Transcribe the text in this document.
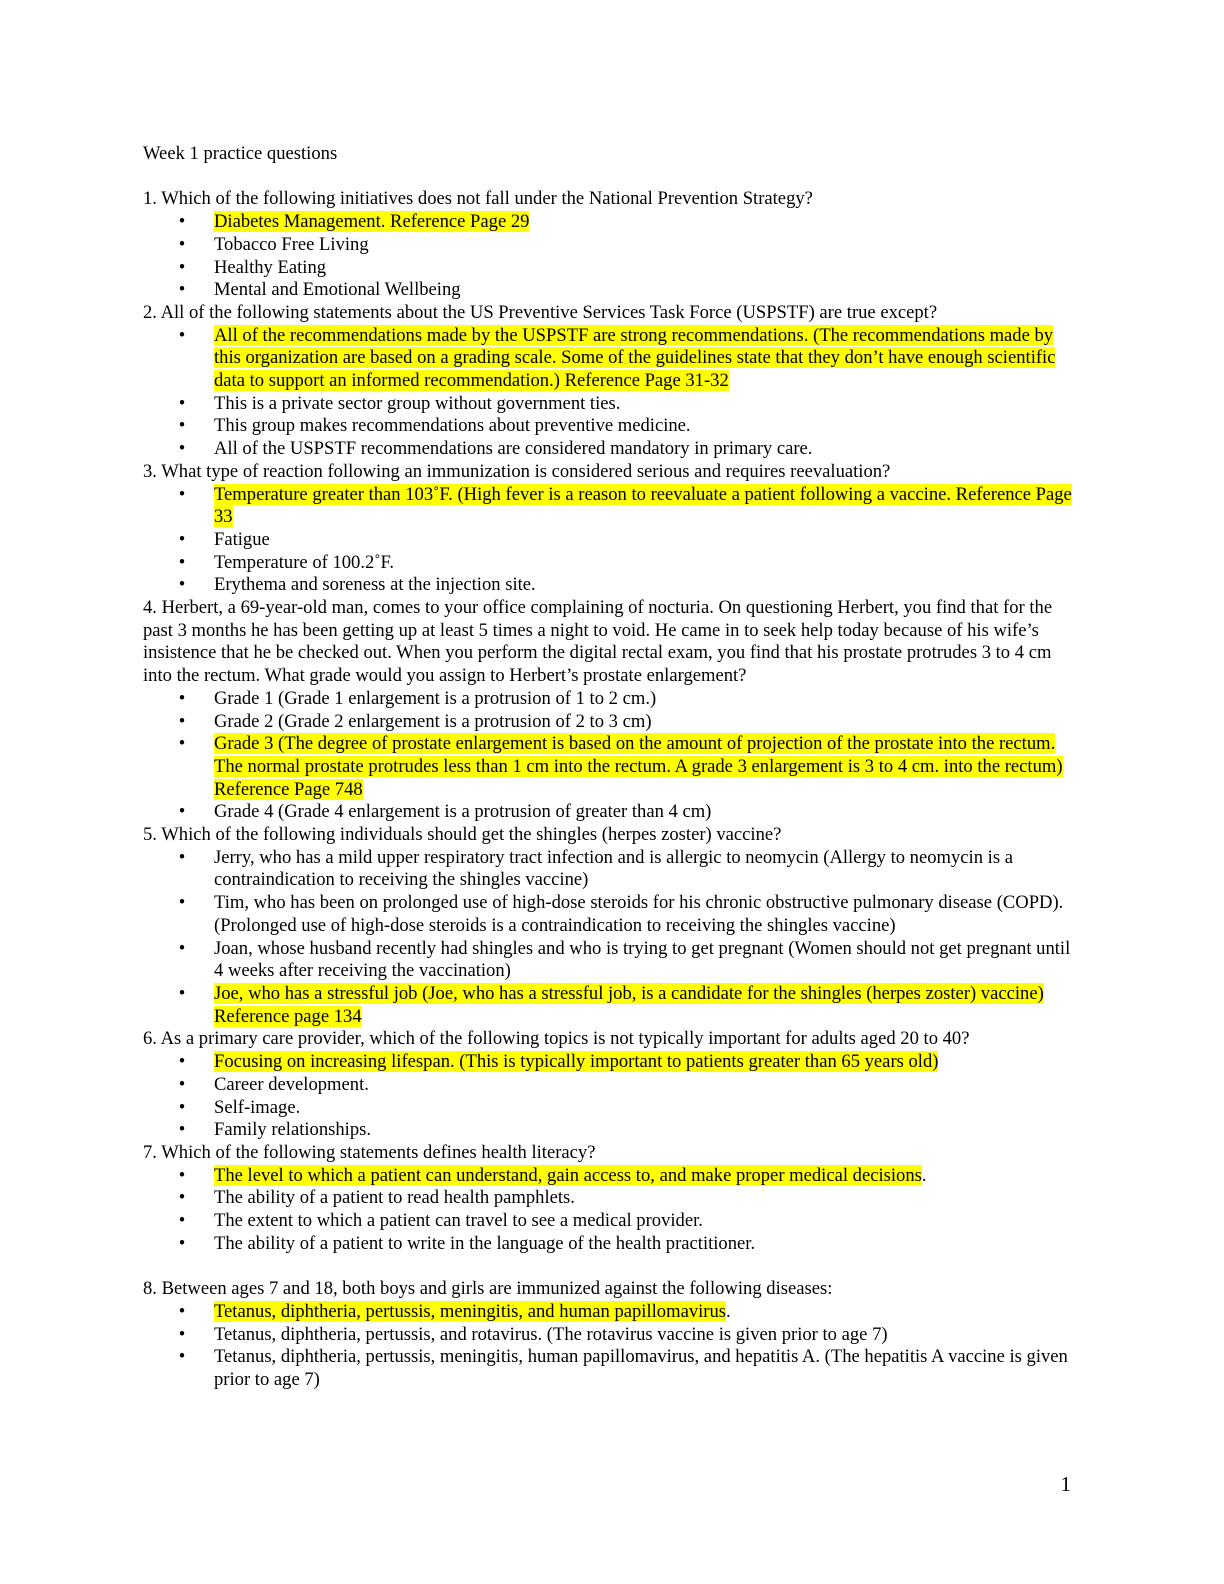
Week 1 practice questions

1. Which of the following initiatives does not fall under the National Prevention Strategy?

• Diabetes Management. Reference Page 29
• Tobacco Free Living
• Healthy Eating
• Mental and Emotional Wellbeing

2. All of the following statements about the US Preventive Services Task Force (USPSTF) are true except?

• All of the recommendations made by the USPSTF are strong recommendations. (The recommendations made by this organization are based on a grading scale. Some of the guidelines state that they don’t have enough scientific data to support an informed recommendation.) Reference Page 31-32
• This is a private sector group without government ties.
• This group makes recommendations about preventive medicine.
• All of the USPSTF recommendations are considered mandatory in primary care.

3. What type of reaction following an immunization is considered serious and requires reevaluation?

• Temperature greater than 103˚F. (High fever is a reason to reevaluate a patient following a vaccine. Reference Page 33
• Fatigue
• Temperature of 100.2˚F.
• Erythema and soreness at the injection site.

4. Herbert, a 69-year-old man, comes to your office complaining of nocturia. On questioning Herbert, you find that for the past 3 months he has been getting up at least 5 times a night to void. He came in to seek help today because of his wife’s insistence that he be checked out. When you perform the digital rectal exam, you find that his prostate protrudes 3 to 4 cm into the rectum. What grade would you assign to Herbert’s prostate enlargement?

• Grade 1 (Grade 1 enlargement is a protrusion of 1 to 2 cm.)
• Grade 2 (Grade 2 enlargement is a protrusion of 2 to 3 cm)
• Grade 3 (The degree of prostate enlargement is based on the amount of projection of the prostate into the rectum. The normal prostate protrudes less than 1 cm into the rectum. A grade 3 enlargement is 3 to 4 cm. into the rectum) Reference Page 748
• Grade 4 (Grade 4 enlargement is a protrusion of greater than 4 cm)

5. Which of the following individuals should get the shingles (herpes zoster) vaccine?

• Jerry, who has a mild upper respiratory tract infection and is allergic to neomycin (Allergy to neomycin is a contraindication to receiving the shingles vaccine)
• Tim, who has been on prolonged use of high-dose steroids for his chronic obstructive pulmonary disease (COPD). (Prolonged use of high-dose steroids is a contraindication to receiving the shingles vaccine)
• Joan, whose husband recently had shingles and who is trying to get pregnant (Women should not get pregnant until 4 weeks after receiving the vaccination)
• Joe, who has a stressful job (Joe, who has a stressful job, is a candidate for the shingles (herpes zoster) vaccine) Reference page 134

6. As a primary care provider, which of the following topics is not typically important for adults aged 20 to 40?

• Focusing on increasing lifespan. (This is typically important to patients greater than 65 years old)
• Career development.
• Self-image.
• Family relationships.

7. Which of the following statements defines health literacy?

• The level to which a patient can understand, gain access to, and make proper medical decisions.
• The ability of a patient to read health pamphlets.
• The extent to which a patient can travel to see a medical provider.
• The ability of a patient to write in the language of the health practitioner.

8. Between ages 7 and 18, both boys and girls are immunized against the following diseases:

• Tetanus, diphtheria, pertussis, meningitis, and human papillomavirus.
• Tetanus, diphtheria, pertussis, and rotavirus. (The rotavirus vaccine is given prior to age 7)
• Tetanus, diphtheria, pertussis, meningitis, human papillomavirus, and hepatitis A. (The hepatitis A vaccine is given prior to age 7)
1
